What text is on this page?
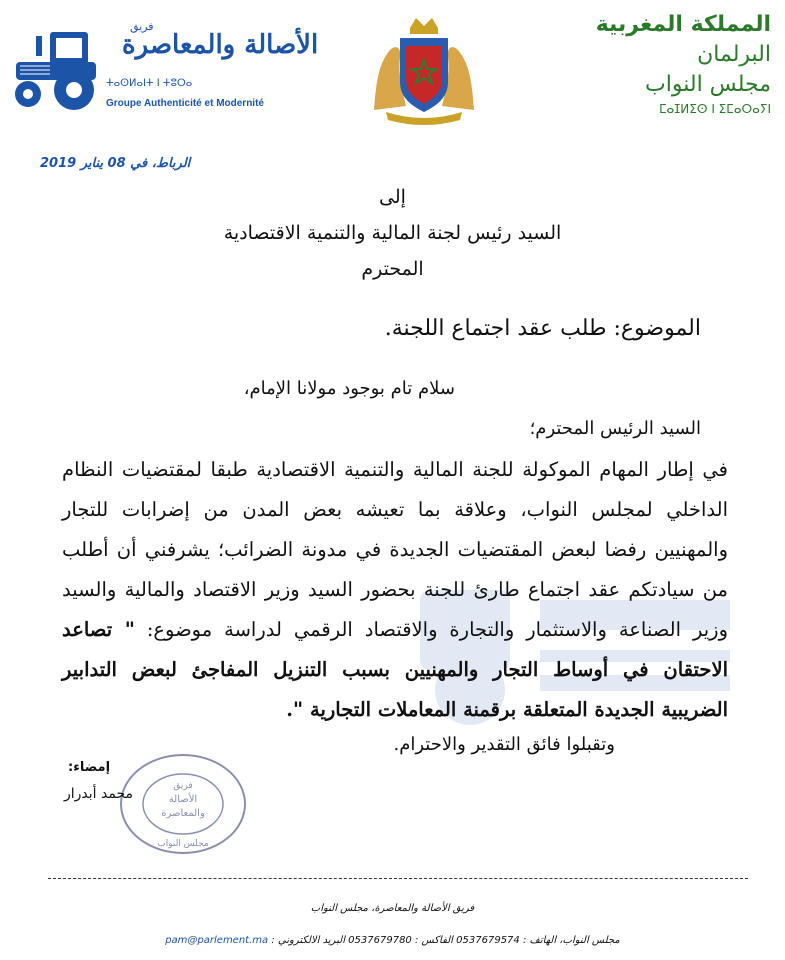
فريق
الأصالة والمعاصرة
ⵜⴰⵙⵍⴰⵏⵜ ⵏ ⵜⵓⵔⴰ
Groupe Authenticité et Modernité
المملكة المغربية
البرلمان
مجلس النواب
ⵎⴰⵊⵍⵉⵙ ⵏ ⵉⵎⴰⵔⴰⵢⵏ
الرباط، في 08 يناير 2019
إلى
السيد رئيس لجنة المالية والتنمية الاقتصادية
المحترم
الموضوع: طلب عقد اجتماع اللجنة.
سلام تام بوجود مولانا الإمام،
السيد الرئيس المحترم؛
في إطار المهام الموكولة للجنة المالية والتنمية الاقتصادية طبقا لمقتضيات النظام الداخلي لمجلس النواب، وعلاقة بما تعيشه بعض المدن من إضرابات للتجار والمهنيين رفضا لبعض المقتضيات الجديدة في مدونة الضرائب؛ يشرفني أن أطلب من سيادتكم عقد اجتماع طارئ للجنة بحضور السيد وزير الاقتصاد والمالية والسيد وزير الصناعة والاستثمار والتجارة والاقتصاد الرقمي لدراسة موضوع: " تصاعد الاحتقان في أوساط التجار والمهنيين بسبب التنزيل المفاجئ لبعض التدابير الضريبية الجديدة المتعلقة برقمنة المعاملات التجارية ".
وتقبلوا فائق التقدير والاحترام.
فريق
الأصالة
والمعاصرة
مجلس النواب
إمضاء:
محمد أبدرار
فريق الأصالة والمعاصرة، مجلس النواب
مجلس النواب، الهاتف : 0537679574 الفاكس : 0537679780 البريد الالكتروني : pam@parlement.ma
